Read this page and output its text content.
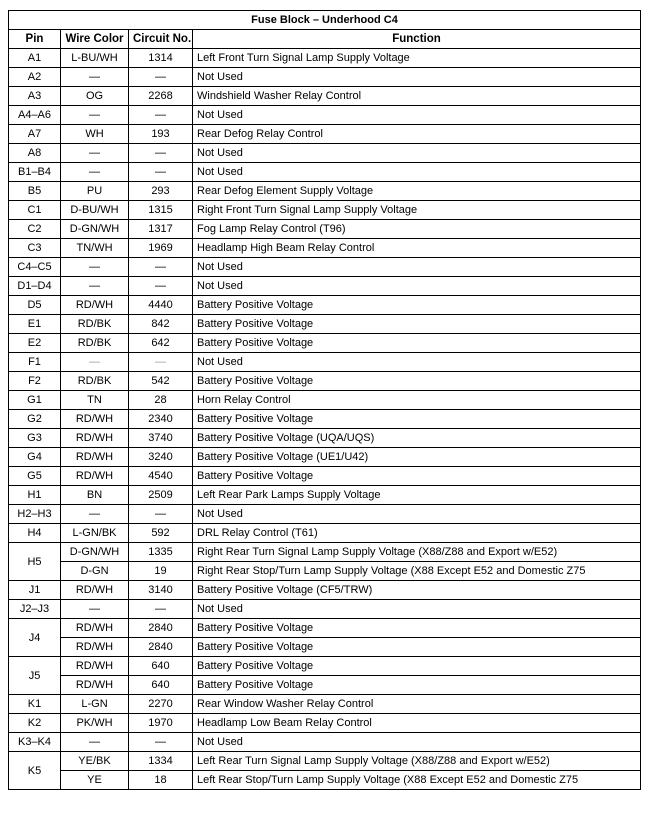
Fuse Block – Underhood C4			
Pin	Wire Color	Circuit No.	Function
A1	L-BU/WH	1314	Left Front Turn Signal Lamp Supply Voltage
A2	—	—	Not Used
A3	OG	2268	Windshield Washer Relay Control
A4–A6	—	—	Not Used
A7	WH	193	Rear Defog Relay Control
A8	—	—	Not Used
B1–B4	—	—	Not Used
B5	PU	293	Rear Defog Element Supply Voltage
C1	D-BU/WH	1315	Right Front Turn Signal Lamp Supply Voltage
C2	D-GN/WH	1317	Fog Lamp Relay Control (T96)
C3	TN/WH	1969	Headlamp High Beam Relay Control
C4–C5	—	—	Not Used
D1–D4	—	—	Not Used
D5	RD/WH	4440	Battery Positive Voltage
E1	RD/BK	842	Battery Positive Voltage
E2	RD/BK	642	Battery Positive Voltage
F1	—	—	Not Used
F2	RD/BK	542	Battery Positive Voltage
G1	TN	28	Horn Relay Control
G2	RD/WH	2340	Battery Positive Voltage
G3	RD/WH	3740	Battery Positive Voltage (UQA/UQS)
G4	RD/WH	3240	Battery Positive Voltage (UE1/U42)
G5	RD/WH	4540	Battery Positive Voltage
H1	BN	2509	Left Rear Park Lamps Supply Voltage
H2–H3	—	—	Not Used
H4	L-GN/BK	592	DRL Relay Control (T61)
H5	D-GN/WH	1335	Right Rear Turn Signal Lamp Supply Voltage (X88/Z88 and Export w/E52)
	D-GN	19	Right Rear Stop/Turn Lamp Supply Voltage (X88 Except E52 and Domestic Z75
J1	RD/WH	3140	Battery Positive Voltage (CF5/TRW)
J2–J3	—	—	Not Used
J4	RD/WH	2840	Battery Positive Voltage
	RD/WH	2840	Battery Positive Voltage
J5	RD/WH	640	Battery Positive Voltage
	RD/WH	640	Battery Positive Voltage
K1	L-GN	2270	Rear Window Washer Relay Control
K2	PK/WH	1970	Headlamp Low Beam Relay Control
K3–K4	—	—	Not Used
K5	YE/BK	1334	Left Rear Turn Signal Lamp Supply Voltage (X88/Z88 and Export w/E52)
	YE	18	Left Rear Stop/Turn Lamp Supply Voltage (X88 Except E52 and Domestic Z75
